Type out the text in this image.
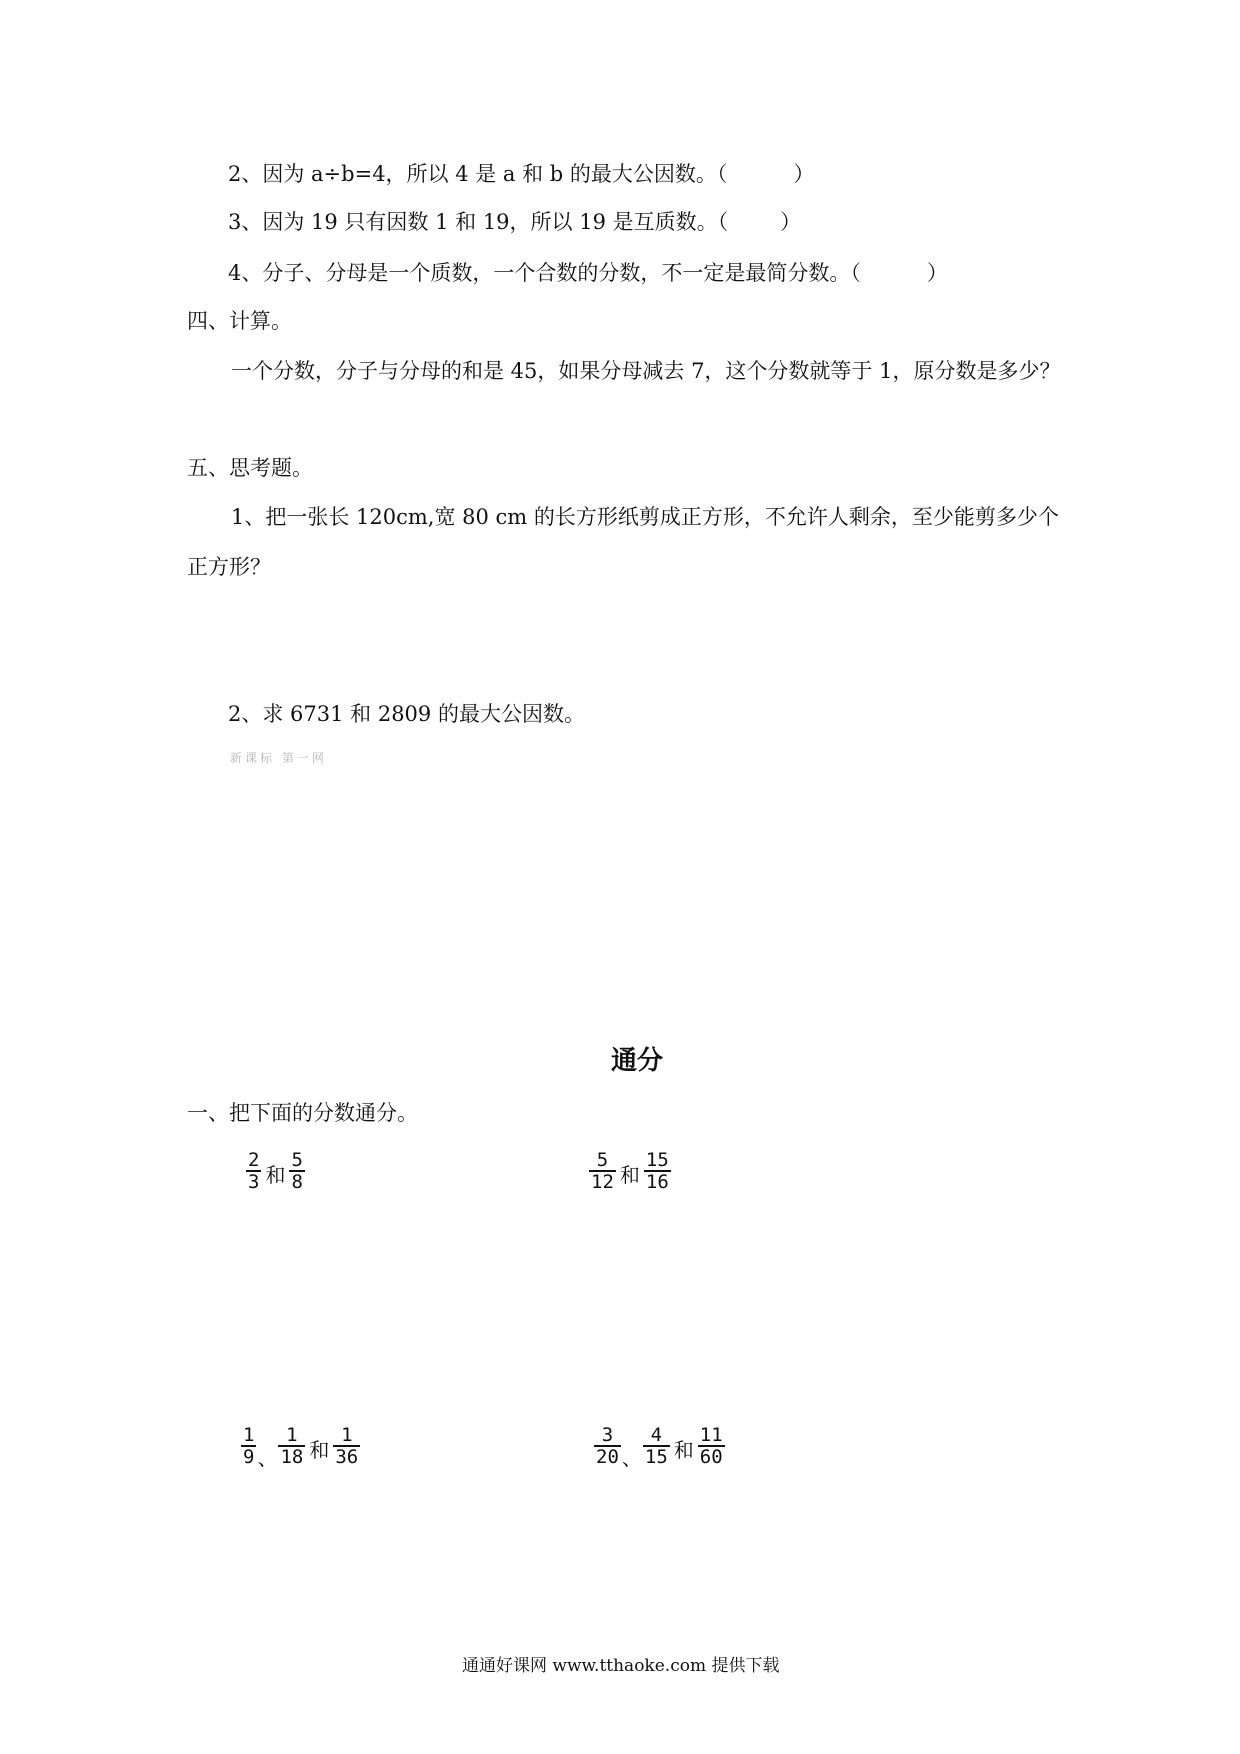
2、因为 a÷b=4，所以 4 是 a 和 b 的最大公因数。（	）
3、因为 19 只有因数 1 和 19，所以 19 是互质数。（ ）
4、分子、分母是一个质数，一个合数的分数，不一定是最简分数。（	）
四、计算。
一个分数，分子与分母的和是 45，如果分母减去 7，这个分数就等于 1，原分数是多少？
五、思考题。
1、把一张长 120cm,宽 80 cm 的长方形纸剪成正方形，不允许人剩余，至少能剪多少个
正方形？
2、求 6731 和 2809 的最大公因数。
新课标 第一网
通分
一、把下面的分数通分。
$\frac{2}{3}$ 和 $\frac{5}{8}$	$\frac{5}{12}$ 和 $\frac{15}{16}$
$\frac{1}{9}$ 、 $\frac{1}{18}$ 和 $\frac{1}{36}$	$\frac{3}{20}$ 、 $\frac{4}{15}$ 和 $\frac{11}{60}$
通通好课网 www.tthaoke.com 提供下载
